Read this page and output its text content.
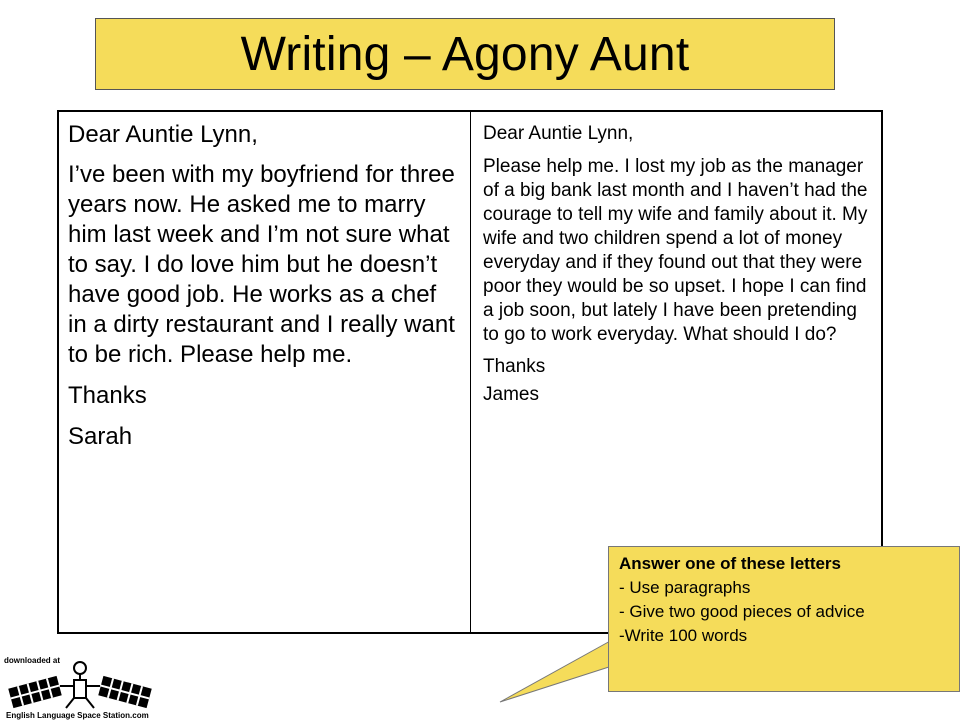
Writing – Agony Aunt

Dear Auntie Lynn,

I’ve been with my boyfriend for three years now. He asked me to marry him last week and I’m not sure what to say. I do love him but he doesn’t have good job. He works as a chef in a dirty restaurant and I really want to be rich. Please help me.

Thanks

Sarah

Dear Auntie Lynn,

Please help me. I lost my job as the manager of a big bank last month and I haven’t had the courage to tell my wife and family about it. My wife and two children spend a lot of money everyday and if they found out that they were poor they would be so upset. I hope I can find a job soon, but lately I have been pretending to go to work everyday. What should I do?

Thanks

James

Answer one of these letters
- Use paragraphs
- Give two good pieces of advice
-Write 100 words
downloaded at
English Language Space Station.com
